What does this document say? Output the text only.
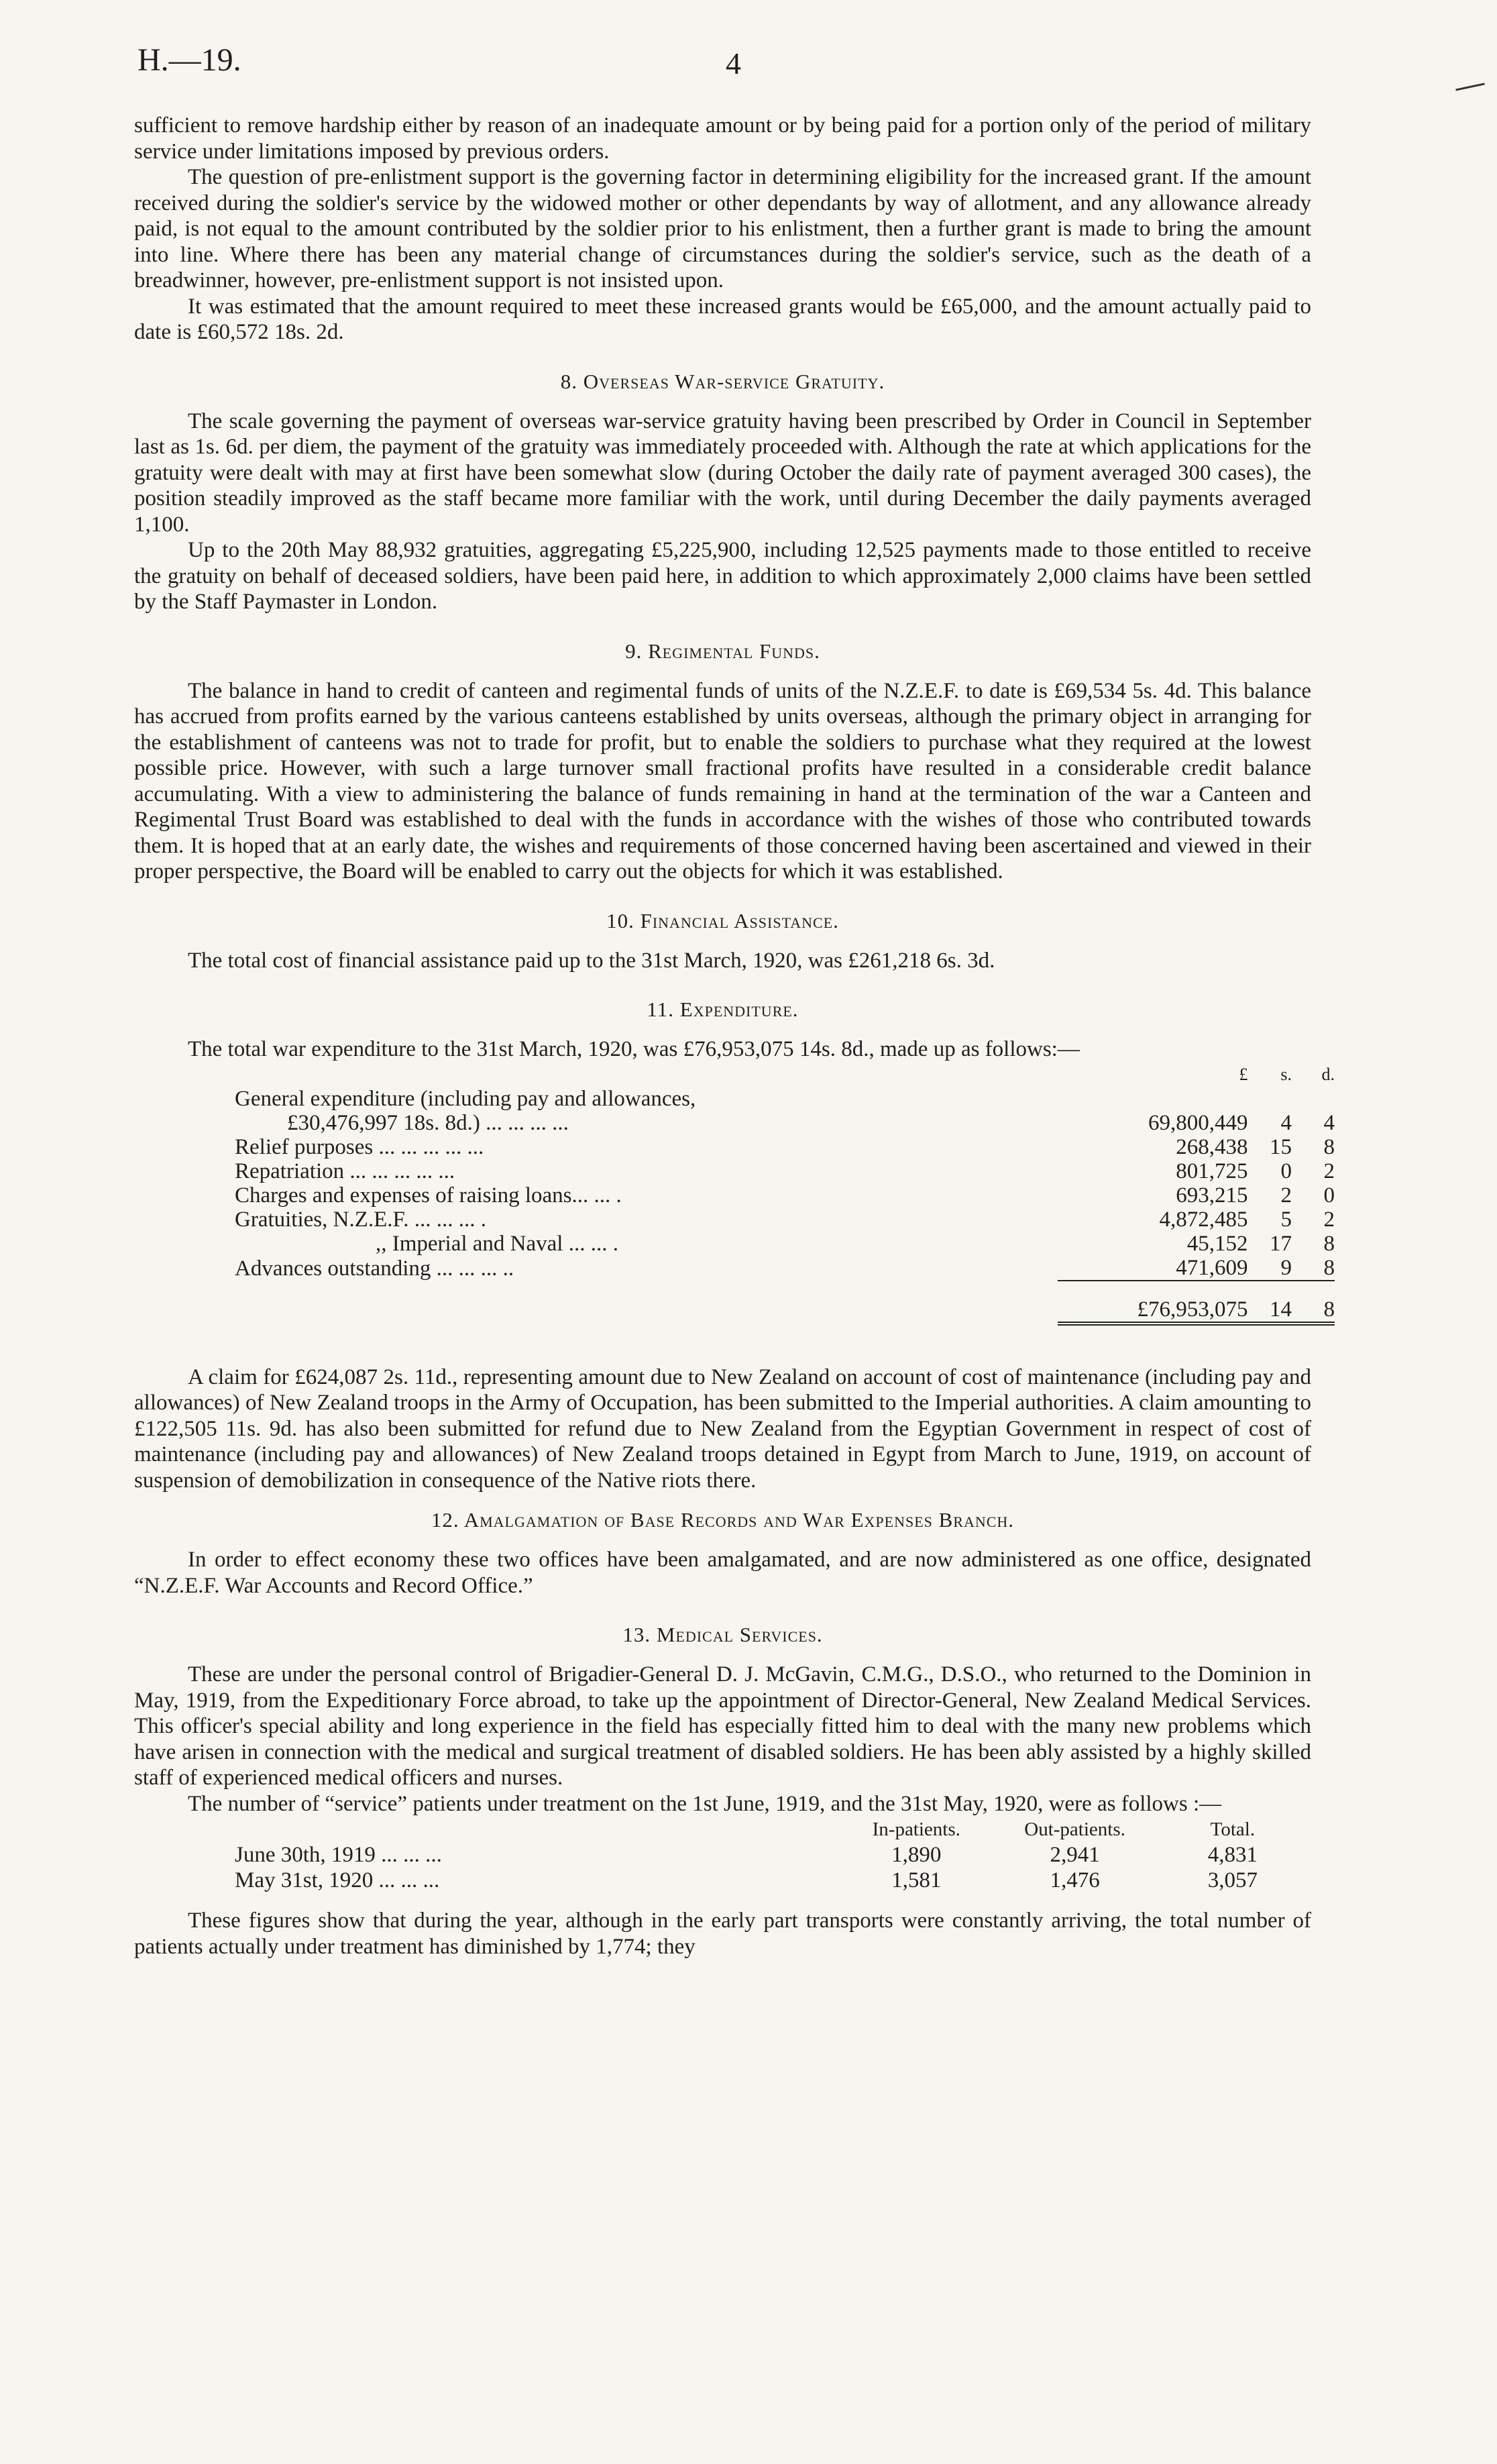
H.—19.	4

sufficient to remove hardship either by reason of an inadequate amount or by being paid for a portion only of the period of military service under limitations imposed by previous orders.

The question of pre-enlistment support is the governing factor in determining eligibility for the increased grant. If the amount received during the soldier's service by the widowed mother or other dependants by way of allotment, and any allowance already paid, is not equal to the amount contributed by the soldier prior to his enlistment, then a further grant is made to bring the amount into line. Where there has been any material change of circumstances during the soldier's service, such as the death of a breadwinner, however, pre-enlistment support is not insisted upon.

It was estimated that the amount required to meet these increased grants would be £65,000, and the amount actually paid to date is £60,572 18s. 2d.

8. Overseas War-service Gratuity.

The scale governing the payment of overseas war-service gratuity having been prescribed by Order in Council in September last as 1s. 6d. per diem, the payment of the gratuity was immediately proceeded with. Although the rate at which applications for the gratuity were dealt with may at first have been somewhat slow (during October the daily rate of payment averaged 300 cases), the position steadily improved as the staff became more familiar with the work, until during December the daily payments averaged 1,100.

Up to the 20th May 88,932 gratuities, aggregating £5,225,900, including 12,525 payments made to those entitled to receive the gratuity on behalf of deceased soldiers, have been paid here, in addition to which approximately 2,000 claims have been settled by the Staff Paymaster in London.

9. Regimental Funds.

The balance in hand to credit of canteen and regimental funds of units of the N.Z.E.F. to date is £69,534 5s. 4d. This balance has accrued from profits earned by the various canteens established by units overseas, although the primary object in arranging for the establishment of canteens was not to trade for profit, but to enable the soldiers to purchase what they required at the lowest possible price. However, with such a large turnover small fractional profits have resulted in a considerable credit balance accumulating. With a view to administering the balance of funds remaining in hand at the termination of the war a Canteen and Regimental Trust Board was established to deal with the funds in accordance with the wishes of those who contributed towards them. It is hoped that at an early date, the wishes and requirements of those concerned having been ascertained and viewed in their proper perspective, the Board will be enabled to carry out the objects for which it was established.

10. Financial Assistance.

The total cost of financial assistance paid up to the 31st March, 1920, was £261,218 6s. 3d.

11. Expenditure.

The total war expenditure to the 31st March, 1920, was £76,953,075 14s. 8d., made up as follows:—

	£	s.	d.
General expenditure (including pay and allowances,			
£30,476,997 18s. 8d.) ... ... ... ...	69,800,449	4	4
Relief purposes ... ... ... ... ...	268,438	15	8
Repatriation ... ... ... ... ...	801,725	0	2
Charges and expenses of raising loans... ... .	693,215	2	0
Gratuities, N.Z.E.F. ... ... ... .	4,872,485	5	2
,, Imperial and Naval ... ... .	45,152	17	8
Advances outstanding ... ... ... ..	471,609	9	8
	£76,953,075	14	8

A claim for £624,087 2s. 11d., representing amount due to New Zealand on account of cost of maintenance (including pay and allowances) of New Zealand troops in the Army of Occupation, has been submitted to the Imperial authorities. A claim amounting to £122,505 11s. 9d. has also been submitted for refund due to New Zealand from the Egyptian Government in respect of cost of maintenance (including pay and allowances) of New Zealand troops detained in Egypt from March to June, 1919, on account of suspension of demobilization in consequence of the Native riots there.

12. Amalgamation of Base Records and War Expenses Branch.

In order to effect economy these two offices have been amalgamated, and are now administered as one office, designated “N.Z.E.F. War Accounts and Record Office.”

13. Medical Services.

These are under the personal control of Brigadier-General D. J. McGavin, C.M.G., D.S.O., who returned to the Dominion in May, 1919, from the Expeditionary Force abroad, to take up the appointment of Director-General, New Zealand Medical Services. This officer's special ability and long experience in the field has especially fitted him to deal with the many new problems which have arisen in connection with the medical and surgical treatment of disabled soldiers. He has been ably assisted by a highly skilled staff of experienced medical officers and nurses.

The number of “service” patients under treatment on the 1st June, 1919, and the 31st May, 1920, were as follows :—

	In-patients.	Out-patients.	Total.
June 30th, 1919 ... ... ...	1,890	2,941	4,831
May 31st, 1920 ... ... ...	1,581	1,476	3,057

These figures show that during the year, although in the early part transports were constantly arriving, the total number of patients actually under treatment has diminished by 1,774; they
